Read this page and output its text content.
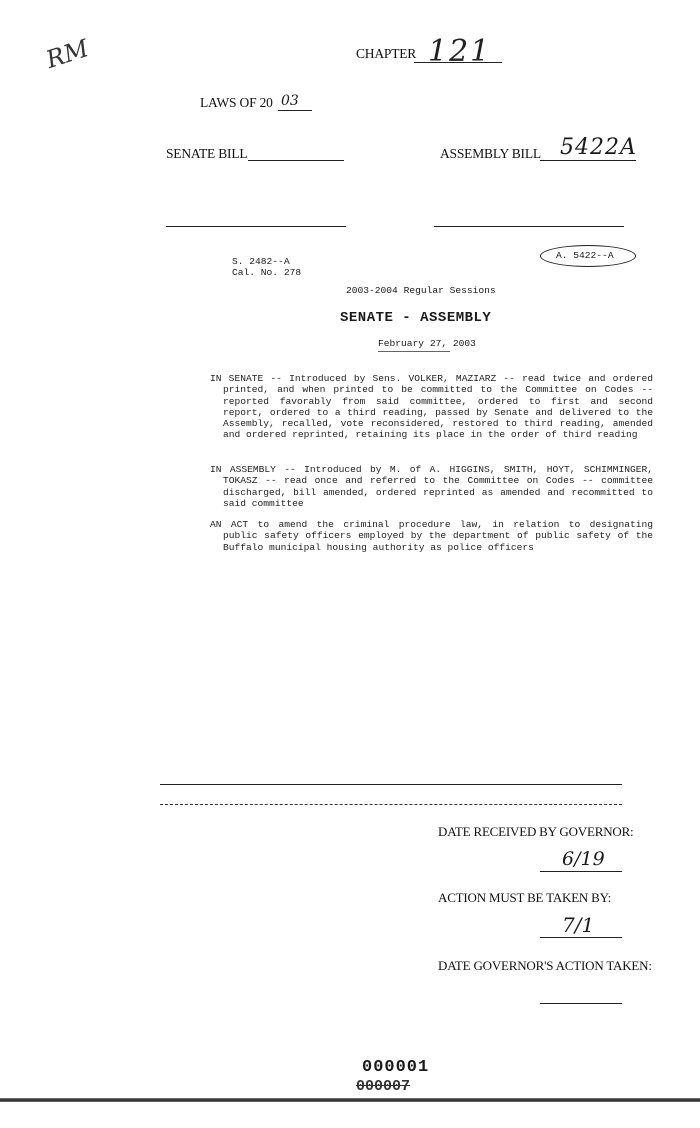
RM	CHAPTER 121
LAWS OF 20 03
SENATE BILL	ASSEMBLY BILL 5422A
S. 2482--A
Cal. No. 278
A. 5422--A
2003-2004 Regular Sessions
SENATE - ASSEMBLY
February 27, 2003
IN SENATE -- Introduced by Sens. VOLKER, MAZIARZ -- read twice and ordered printed, and when printed to be committed to the Committee on Codes -- reported favorably from said committee, ordered to first and second report, ordered to a third reading, passed by Senate and delivered to the Assembly, recalled, vote reconsidered, restored to third reading, amended and ordered reprinted, retaining its place in the order of third reading
IN ASSEMBLY -- Introduced by M. of A. HIGGINS, SMITH, HOYT, SCHIMMINGER, TOKASZ -- read once and referred to the Committee on Codes -- committee discharged, bill amended, ordered reprinted as amended and recommitted to said committee
AN ACT to amend the criminal procedure law, in relation to designating public safety officers employed by the department of public safety of the Buffalo municipal housing authority as police officers
DATE RECEIVED BY GOVERNOR:
6/19
ACTION MUST BE TAKEN BY:
7/1
DATE GOVERNOR'S ACTION TAKEN:
000001
000007
